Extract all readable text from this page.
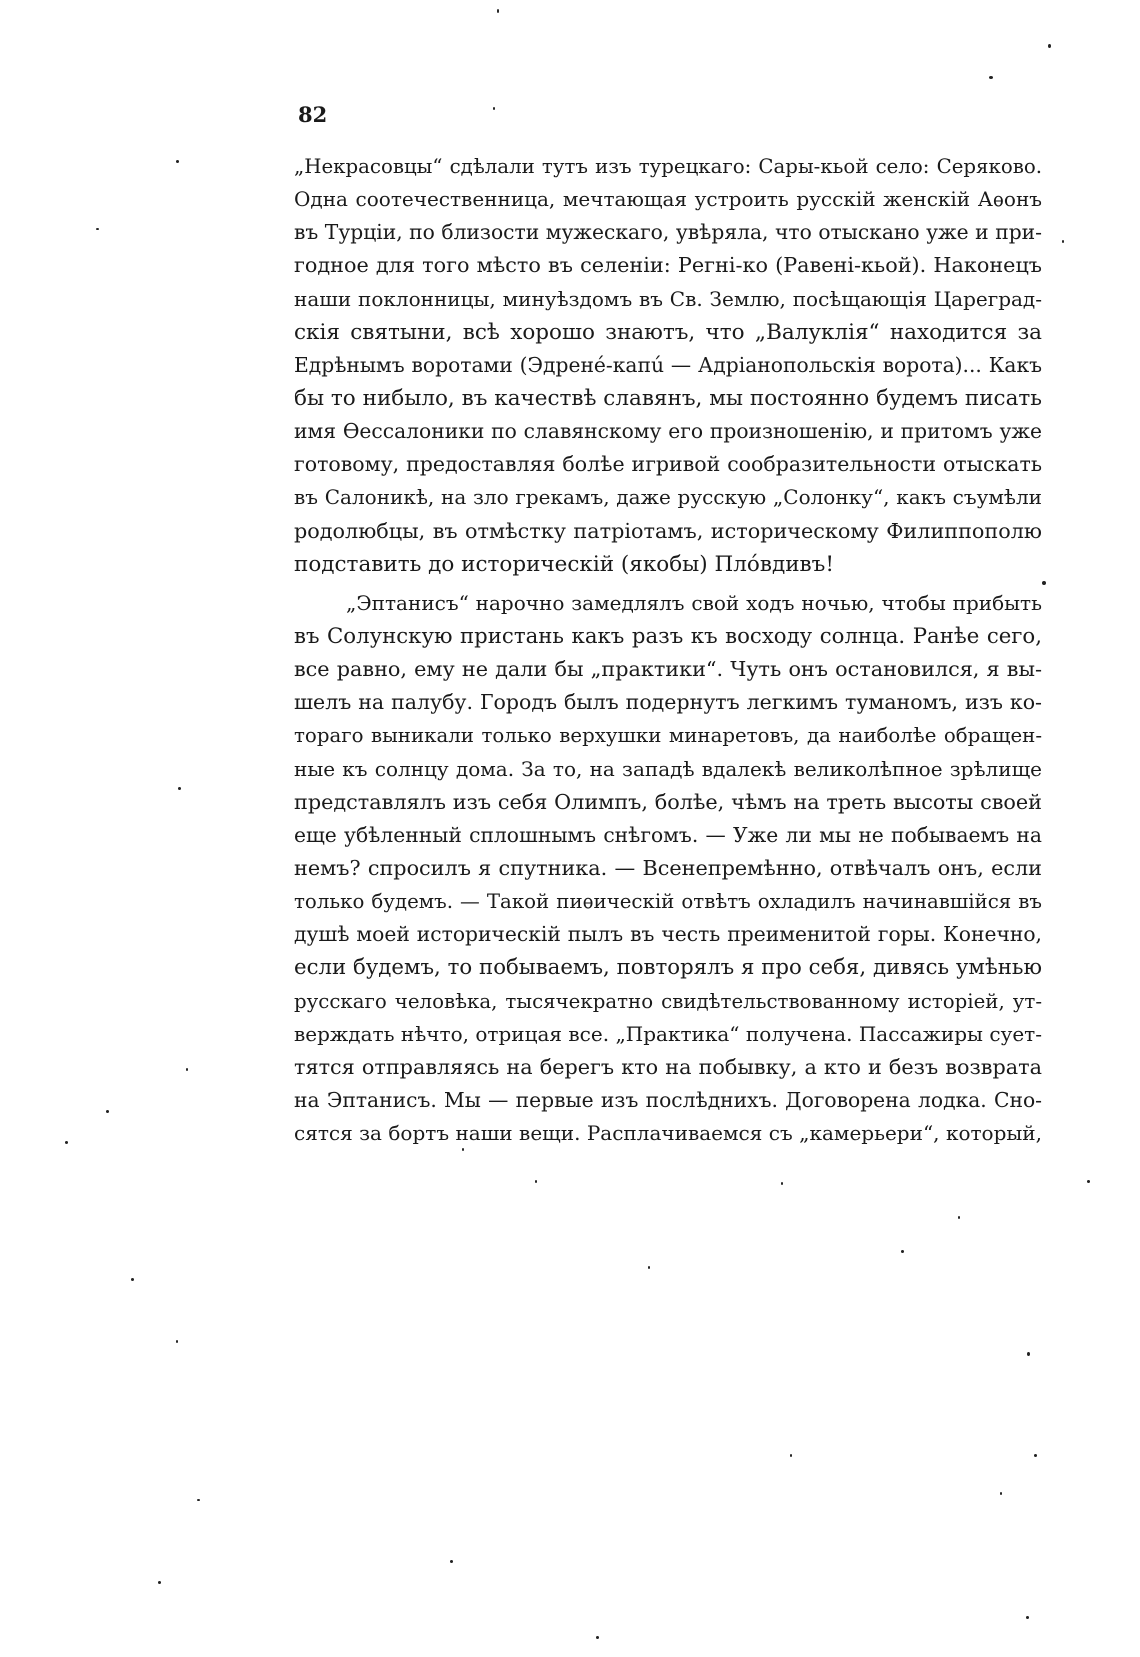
82
„Некрасовцы“ сдѣлали тутъ изъ турецкаго: Сары-кьой село: Серяково.
Одна соотечественница, мечтающая устроить русскій женскій Аѳонъ
въ Турціи, по близости мужескаго, увѣряла, что отыскано уже и при-
годное для того мѣсто въ селеніи: Регні-ко (Равені-кьой). Наконецъ
наши поклонницы, минуѣздомъ въ Св. Землю, посѣщающія Цареград-
скія святыни, всѣ хорошо знаютъ, что „Валуклія“ находится за
Едрѣнымъ воротами (Эдренé-капú — Адріанопольскія ворота)... Какъ
бы то нибыло, въ качествѣ славянъ, мы постоянно будемъ писать
имя Ѳессалоники по славянскому его произношенію, и притомъ уже
готовому, предоставляя болѣе игривой сообразительности отыскать
въ Салоникѣ, на зло грекамъ, даже русскую „Солонку“, какъ съумѣли
родолюбцы, въ отмѣстку патріотамъ, историческому Филиппополю
подставить до историческій (якобы) Плóвдивъ!
„Эптанисъ“ нарочно замедлялъ свой ходъ ночью, чтобы прибыть
въ Солунскую пристань какъ разъ къ восходу солнца. Ранѣе сего,
все равно, ему не дали бы „практики“. Чуть онъ остановился, я вы-
шелъ на палубу. Городъ былъ подернутъ легкимъ туманомъ, изъ ко-
тораго выникали только верхушки минаретовъ, да наиболѣе обращен-
ные къ солнцу дома. За то, на западѣ вдалекѣ великолѣпное зрѣлище
представлялъ изъ себя Олимпъ, болѣе, чѣмъ на треть высоты своей
еще убѣленный сплошнымъ снѣгомъ. — Уже ли мы не побываемъ на
немъ? спросилъ я спутника. — Всенепремѣнно, отвѣчалъ онъ, если
только будемъ. — Такой пиѳическій отвѣтъ охладилъ начинавшійся въ
душѣ моей историческій пылъ въ честь преименитой горы. Конечно,
если будемъ, то побываемъ, повторялъ я про себя, дивясь умѣнью
русскаго человѣка, тысячекратно свидѣтельствованному исторіей, ут-
верждать нѣчто, отрицая все. „Практика“ получена. Пассажиры сует-
тятся отправляясь на берегъ кто на побывку, а кто и безъ возврата
на Эптанисъ. Мы — первые изъ послѣднихъ. Договорена лодка. Сно-
сятся за бортъ наши вещи. Расплачиваемся съ „камерьери“, который,
